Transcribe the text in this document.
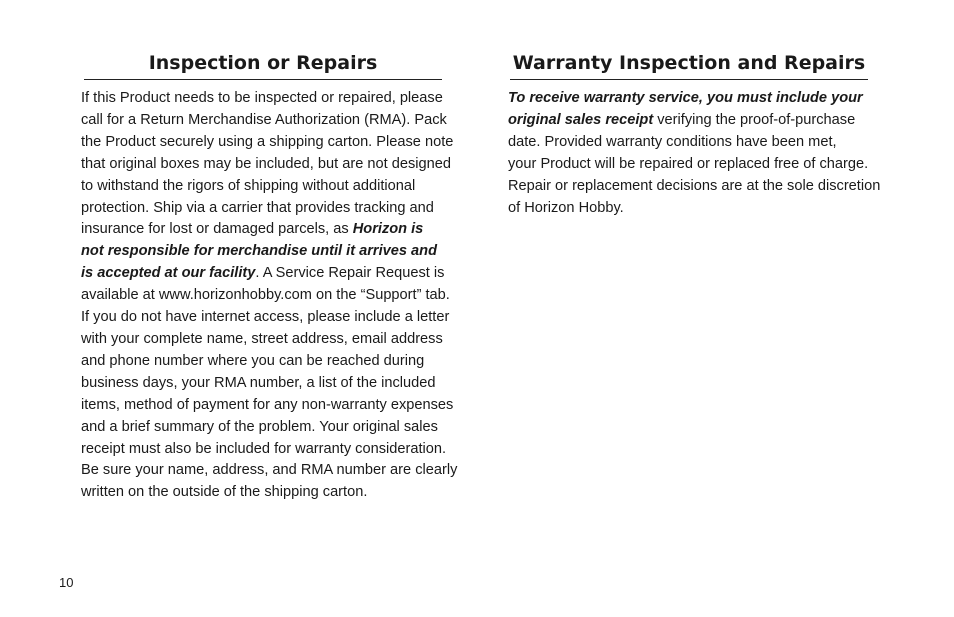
Inspection or Repairs

If this Product needs to be inspected or repaired, please
call for a Return Merchandise Authorization (RMA). Pack
the Product securely using a shipping carton. Please note
that original boxes may be included, but are not designed
to withstand the rigors of shipping without additional
protection. Ship via a carrier that provides tracking and
insurance for lost or damaged parcels, as Horizon is
not responsible for merchandise until it arrives and
is accepted at our facility. A Service Repair Request is
available at www.horizonhobby.com on the “Support” tab.
If you do not have internet access, please include a letter
with your complete name, street address, email address
and phone number where you can be reached during
business days, your RMA number, a list of the included
items, method of payment for any non-warranty expenses
and a brief summary of the problem. Your original sales
receipt must also be included for warranty consideration.
Be sure your name, address, and RMA number are clearly
written on the outside of the shipping carton.

Warranty Inspection and Repairs

To receive warranty service, you must include your
original sales receipt verifying the proof-of-purchase
date. Provided warranty conditions have been met,
your Product will be repaired or replaced free of charge.
Repair or replacement decisions are at the sole discretion
of Horizon Hobby.

10
